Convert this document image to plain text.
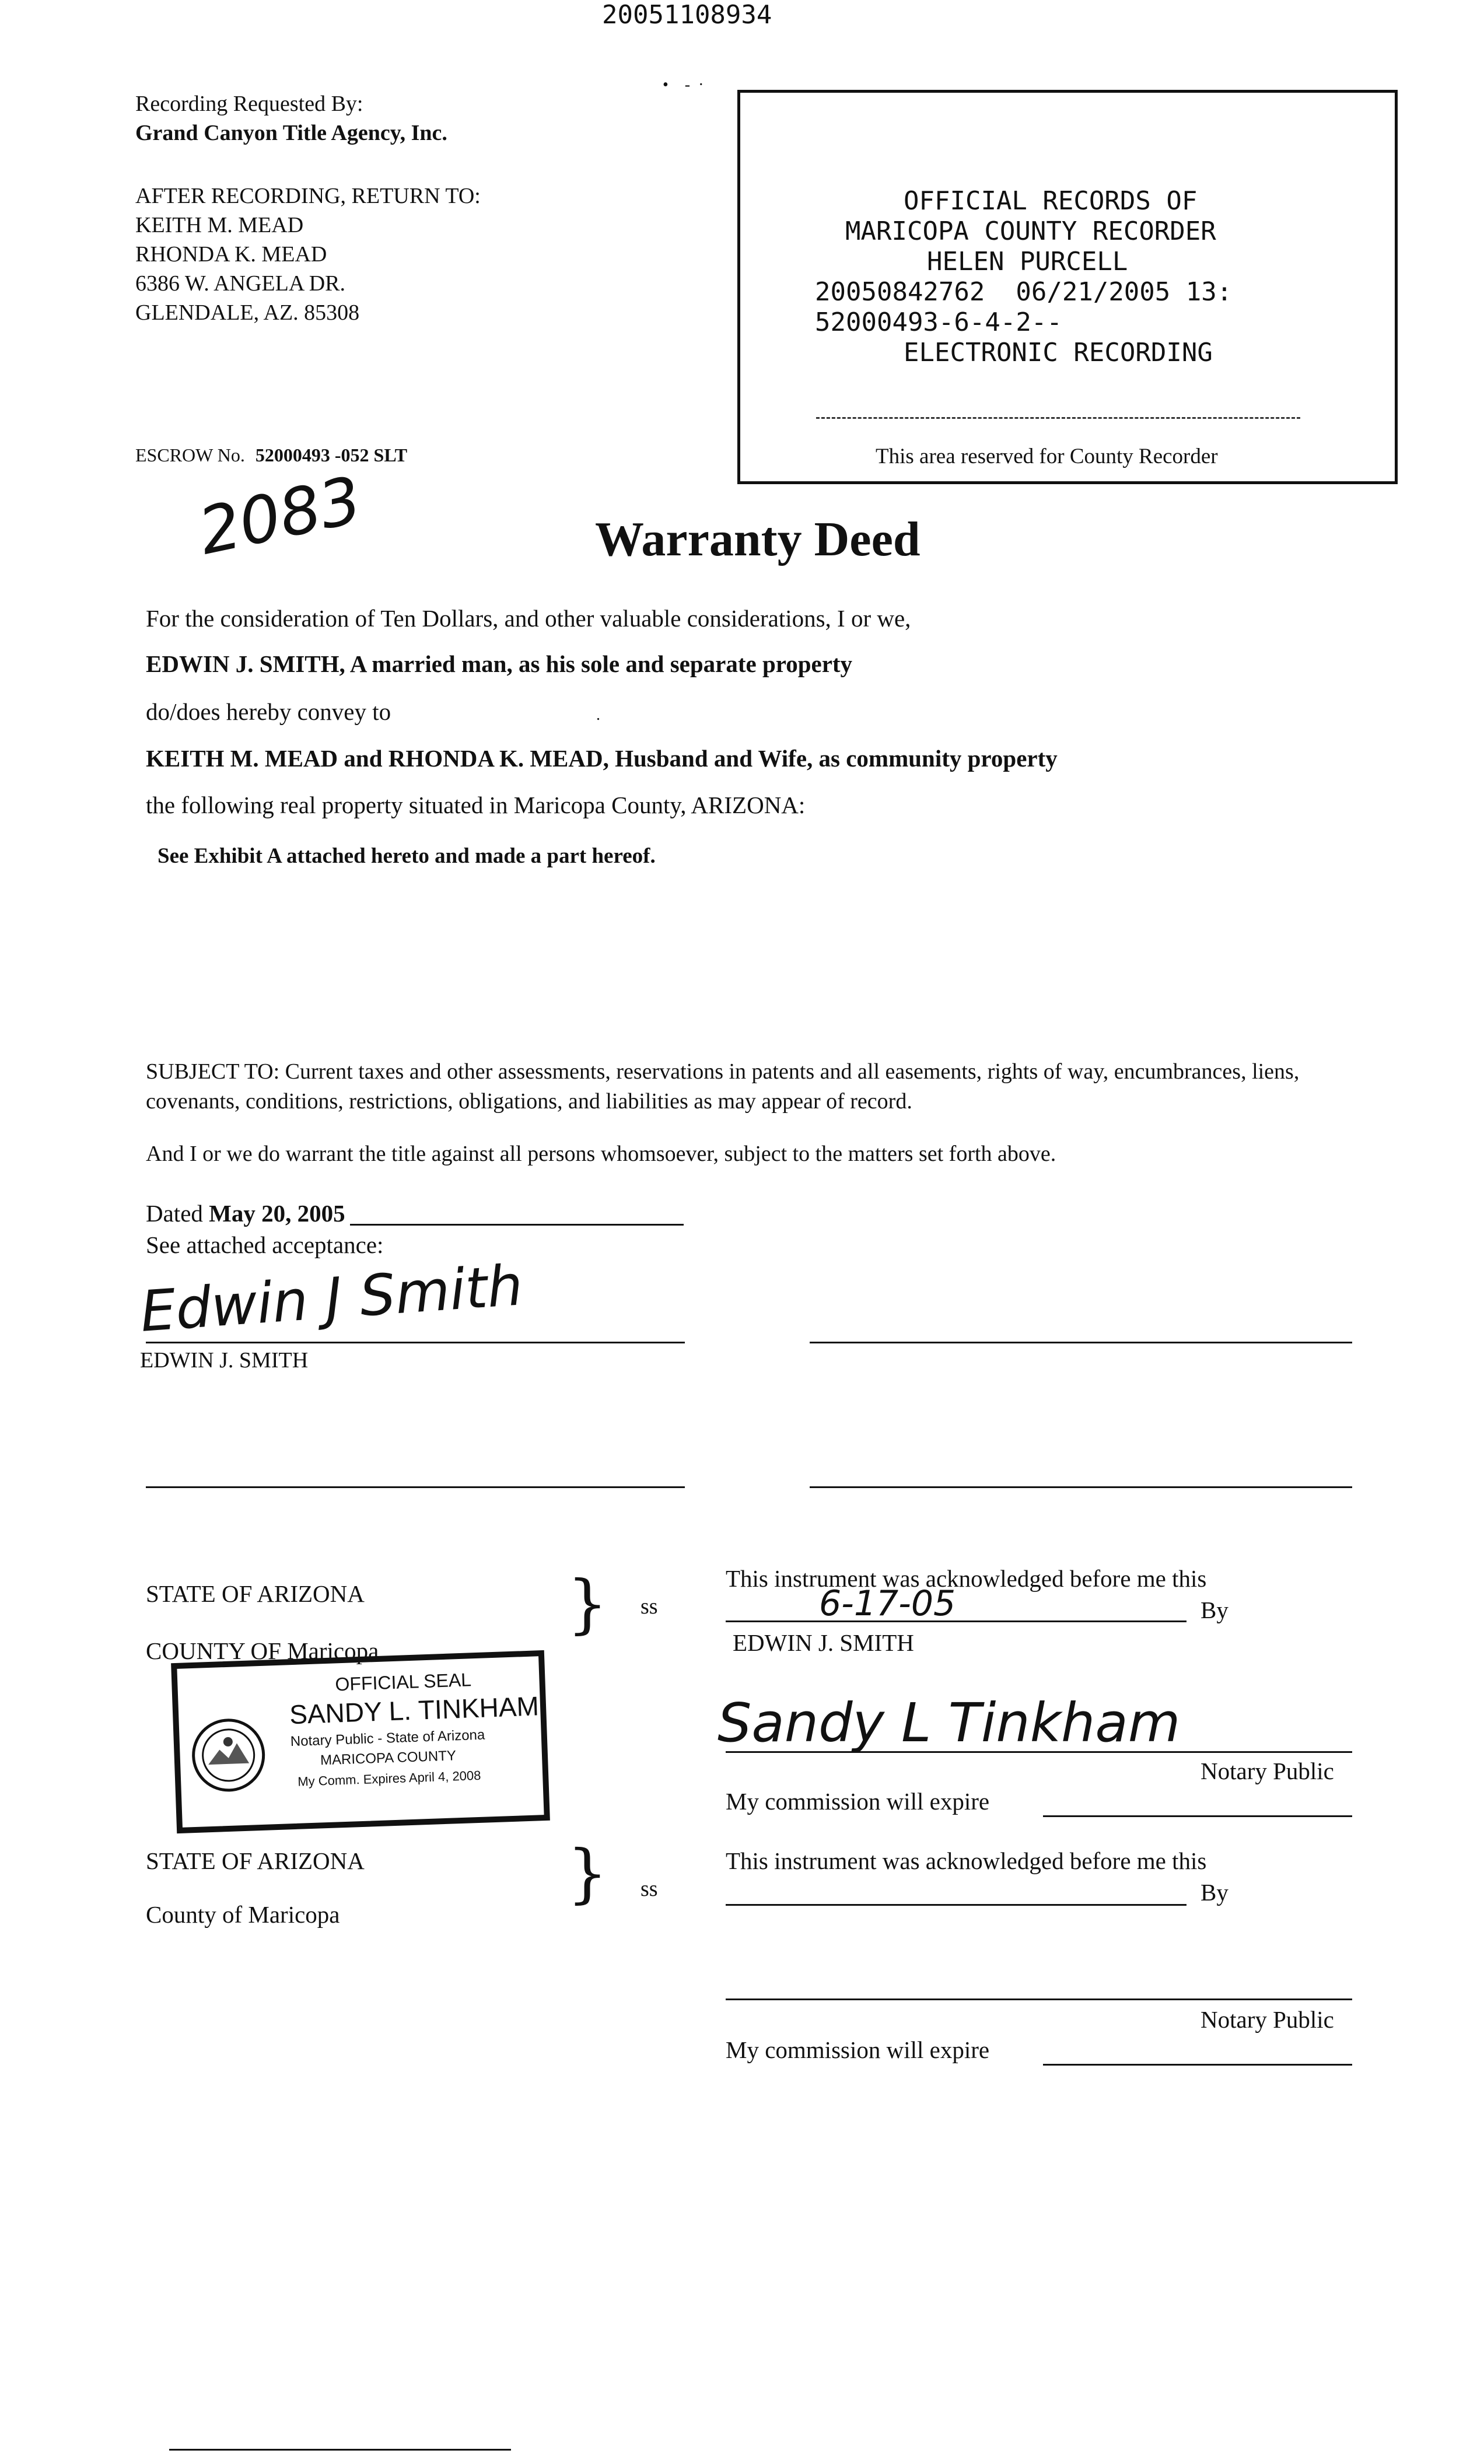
20051108934
Recording Requested By:
Grand Canyon Title Agency, Inc.
AFTER RECORDING, RETURN TO:
KEITH M. MEAD
RHONDA K. MEAD
6386 W. ANGELA DR.
GLENDALE, AZ. 85308
ESCROW No. 52000493 -052 SLT
2083
•    -  ·
OFFICIAL RECORDS OF
MARICOPA COUNTY RECORDER
HELEN PURCELL
20050842762  06/21/2005 13:
52000493-6-4-2--
ELECTRONIC RECORDING
This area reserved for County Recorder
Warranty Deed
For the consideration of Ten Dollars, and other valuable considerations, I or we,
EDWIN J. SMITH, A married man, as his sole and separate property
do/does hereby convey to	.
KEITH M. MEAD and RHONDA K. MEAD, Husband and Wife, as community property
the following real property situated in Maricopa County, ARIZONA:
See Exhibit A attached hereto and made a part hereof.
SUBJECT TO: Current taxes and other assessments, reservations in patents and all easements, rights of way, encumbrances, liens, covenants, conditions, restrictions, obligations, and liabilities as may appear of record.
And I or we do warrant the title against all persons whomsoever, subject to the matters set forth above.
Dated May 20, 2005
See attached acceptance:
Edwin J Smith
EDWIN J. SMITH
STATE OF ARIZONA
COUNTY OF Maricopa
} ss
This instrument was acknowledged before me this
6-17-05	By
EDWIN J. SMITH
Sandy L Tinkham
Notary Public
My commission will expire
OFFICIAL SEAL
SANDY L. TINKHAM
Notary Public - State of Arizona
MARICOPA COUNTY
My Comm. Expires April 4, 2008
STATE OF ARIZONA
County of Maricopa
} ss
This instrument was acknowledged before me this
By
Notary Public
My commission will expire
